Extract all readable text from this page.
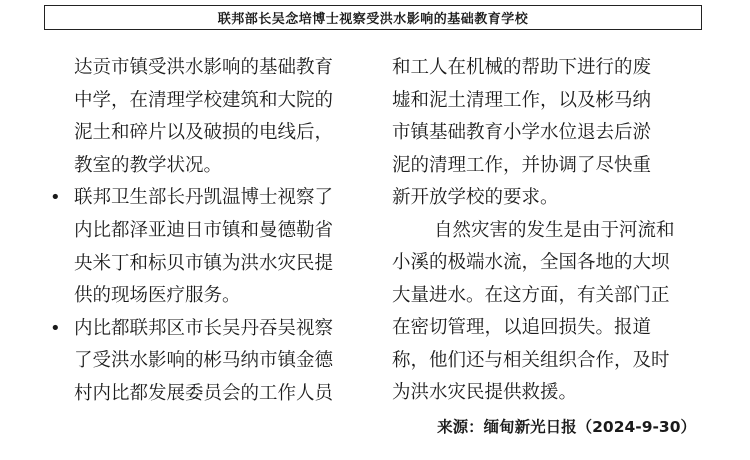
联邦部长吴念培博士视察受洪水影响的基础教育学校
达贡市镇受洪水影响的基础教育
中学，在清理学校建筑和大院的
泥土和碎片以及破损的电线后，
教室的教学状况。
• 联邦卫生部长丹凯温博士视察了
内比都泽亚迪日市镇和曼德勒省
央米丁和标贝市镇为洪水灾民提
供的现场医疗服务。
• 内比都联邦区市长吴丹吞吴视察
了受洪水影响的彬马纳市镇金德
村内比都发展委员会的工作人员
和工人在机械的帮助下进行的废
墟和泥土清理工作，以及彬马纳
市镇基础教育小学水位退去后淤
泥的清理工作，并协调了尽快重
新开放学校的要求。
自然灾害的发生是由于河流和
小溪的极端水流，全国各地的大坝
大量进水。在这方面，有关部门正
在密切管理，以追回损失。报道
称，他们还与相关组织合作，及时
为洪水灾民提供救援。
来源：缅甸新光日报（2024-9-30）
